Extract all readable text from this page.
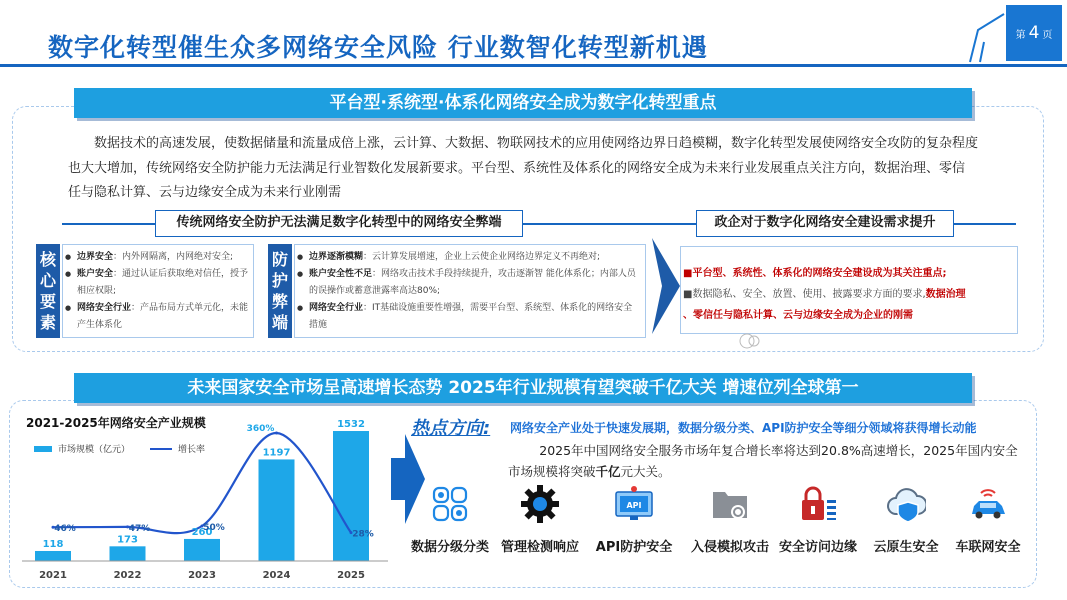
数字化转型催生众多网络安全风险 行业数智化转型新机遇	第 4 页
平台型·系统型·体系化网络安全成为数字化转型重点

数据技术的高速发展，使数据储量和流量成倍上涨，云计算、大数据、物联网技术的应用使网络边界日趋模糊，数字化转型发展使网络安全攻防的复杂程度也大大增加，传统网络安全防护能力无法满足行业智数化发展新要求。平台型、系统性及体系化的网络安全成为未来行业发展重点关注方向，数据治理、零信任与隐私计算、云与边缘安全成为未来行业刚需

传统网络安全防护无法满足数字化转型中的网络安全弊端	政企对于数字化网络安全建设需求提升
核
心
要
素
● 边界安全：内外网隔离，内网绝对安全;
● 账户安全：通过认证后获取绝对信任，授予相应权限;
● 网络安全行业：产品布局方式单元化，未能产生体系化
防
护
弊
端
● 边界逐渐模糊：云计算发展增速，企业上云使企业网络边界定义不再绝对;
● 账户安全性不足：网络攻击技术手段持续提升，攻击逐渐智 能化体系化；内部人员的误操作或蓄意泄露率高达80%;
● 网络安全行业：IT基础设施重要性增强，需要平台型、系统型、体系化的网络安全措施
■平台型、系统性、体系化的网络安全建设成为其关注重点;
■数据隐私、安全、放置、使用、披露要求方面的要求,数据治理
、零信任与隐私计算、云与边缘安全成为企业的刚需
未来国家安全市场呈高速增长态势 2025年行业规模有望突破千亿大关 增速位列全球第一
118	173
260
1197
1532
46%	47%	50%
360%
28%
2021	2022	2023	2024	2025
2021-2025年网络安全产业规模
市场规模（亿元）	增长率
热点方向: 网络安全产业处于快速发展期，数据分级分类、API防护安全等细分领域将获得增长动能
2025年中国网络安全服务市场年复合增长率将达到20.8%高速增长，2025年国内安全市场规模将突破千亿元大关。
数据分级分类 管理检测响应
API
API防护安全 入侵模拟攻击 安全访问边缘 云原生安全 车联网安全
